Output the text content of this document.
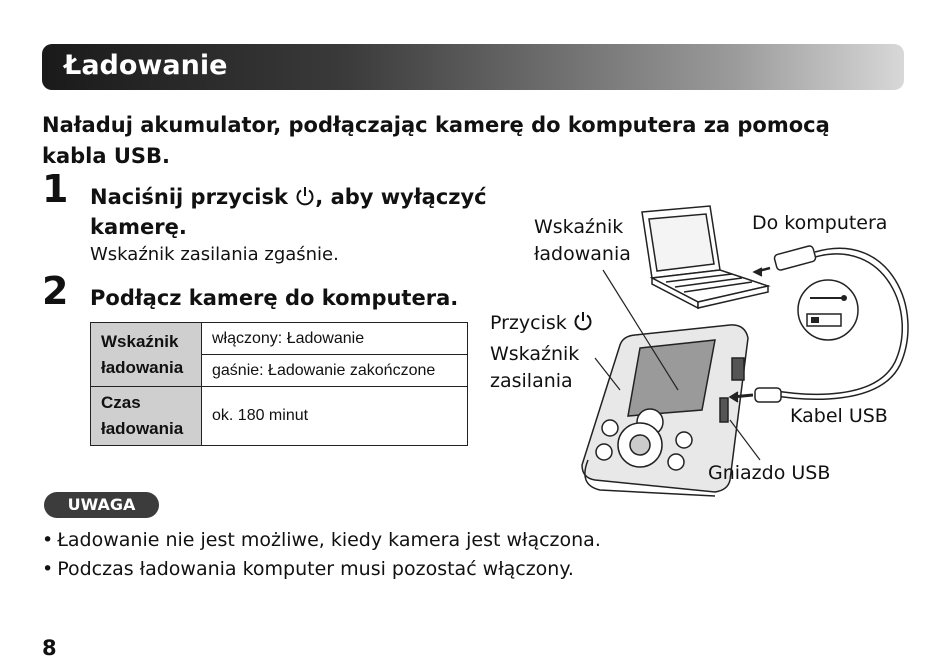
Ładowanie
Naładuj akumulator, podłączając kamerę do komputera za pomocą kabla USB.
1 Naciśnij przycisk , aby wyłączyć
kamerę.
Wskaźnik zasilania zgaśnie.
2 Podłącz kamerę do komputera.
Wskaźnik
ładowania	włączony: Ładowanie
	gaśnie: Ładowanie zakończone
Czas
ładowania	ok. 180 minut
Wskaźnik
ładowania
Do komputera
Przycisk
Wskaźnik
zasilania
Kabel USB
Gniazdo USB
UWAGA
• Ładowanie nie jest możliwe, kiedy kamera jest włączona.
• Podczas ładowania komputer musi pozostać włączony.
8
